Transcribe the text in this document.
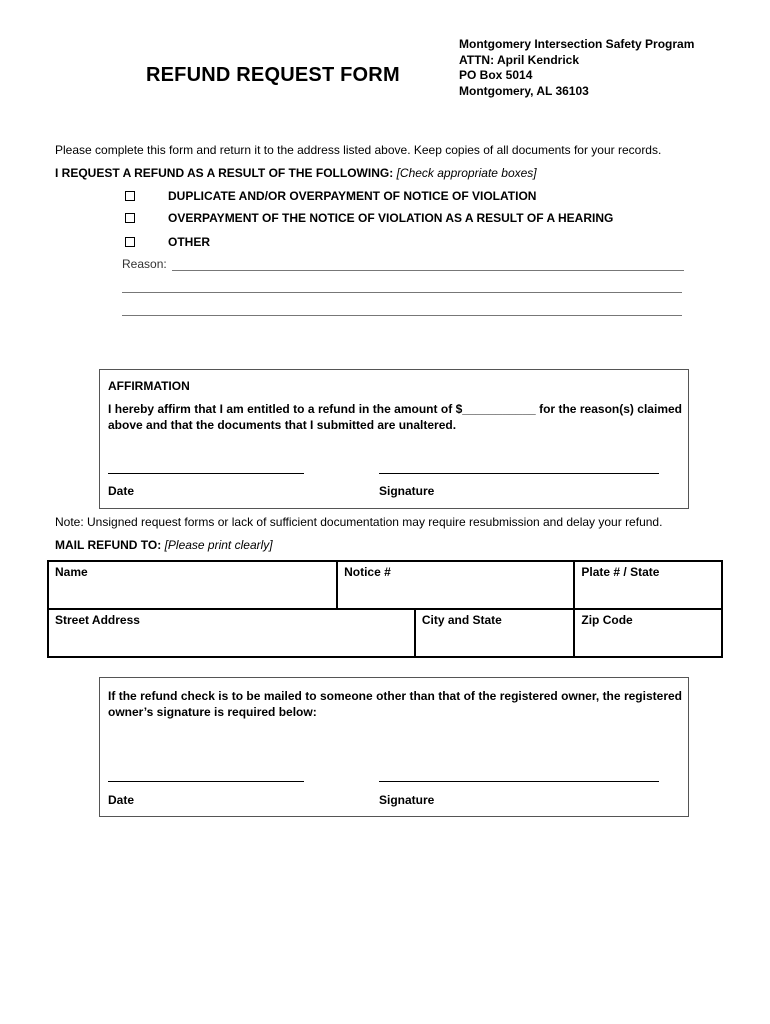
REFUND REQUEST FORM
Montgomery Intersection Safety Program
ATTN: April Kendrick
PO Box 5014
Montgomery, AL 36103
Please complete this form and return it to the address listed above. Keep copies of all documents for your records.
I REQUEST A REFUND AS A RESULT OF THE FOLLOWING: [Check appropriate boxes]
DUPLICATE AND/OR OVERPAYMENT OF NOTICE OF VIOLATION
OVERPAYMENT OF THE NOTICE OF VIOLATION AS A RESULT OF A HEARING
OTHER
Reason:
AFFIRMATION
I hereby affirm that I am entitled to a refund in the amount of $___________ for the reason(s) claimed above and that the documents that I submitted are unaltered.
Date	Signature
Note: Unsigned request forms or lack of sufficient documentation may require resubmission and delay your refund.
MAIL REFUND TO: [Please print clearly]
Name	Notice #		Plate # / State
Street Address		City and State	Zip Code
If the refund check is to be mailed to someone other than that of the registered owner, the registered owner’s signature is required below:
Date	Signature
